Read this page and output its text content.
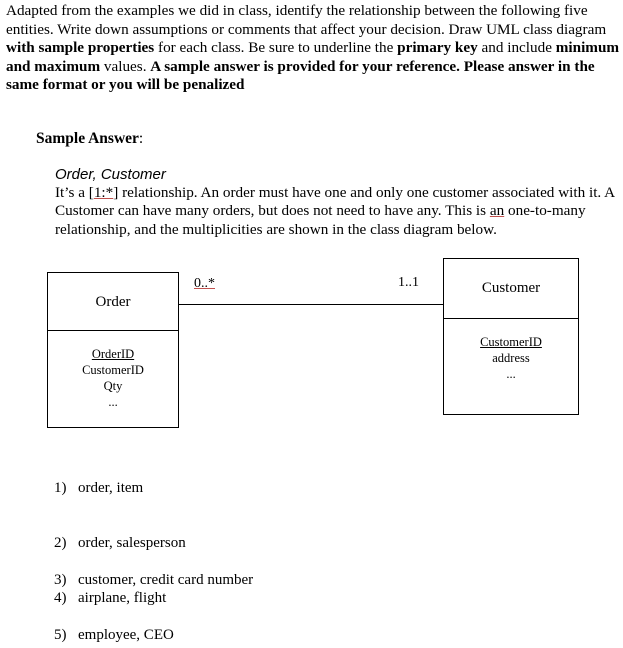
Adapted from the examples we did in class, identify the relationship between the following five entities. Write down assumptions or comments that affect your decision. Draw UML class diagram with sample properties for each class. Be sure to underline the primary key and include minimum and maximum values. A sample answer is provided for your reference. Please answer in the same format or you will be penalized
Sample Answer:
Order, Customer
It’s a [1:*] relationship. An order must have one and only one customer associated with it. A Customer can have many orders, but does not need to have any. This is an one-to-many relationship, and the multiplicities are shown in the class diagram below.
Order
OrderID
CustomerID
Qty
...
0..*	1..1	Customer
CustomerID
address
...
1) order, item
2) order, salesperson
3) customer, credit card number
4) airplane, flight
5) employee, CEO
